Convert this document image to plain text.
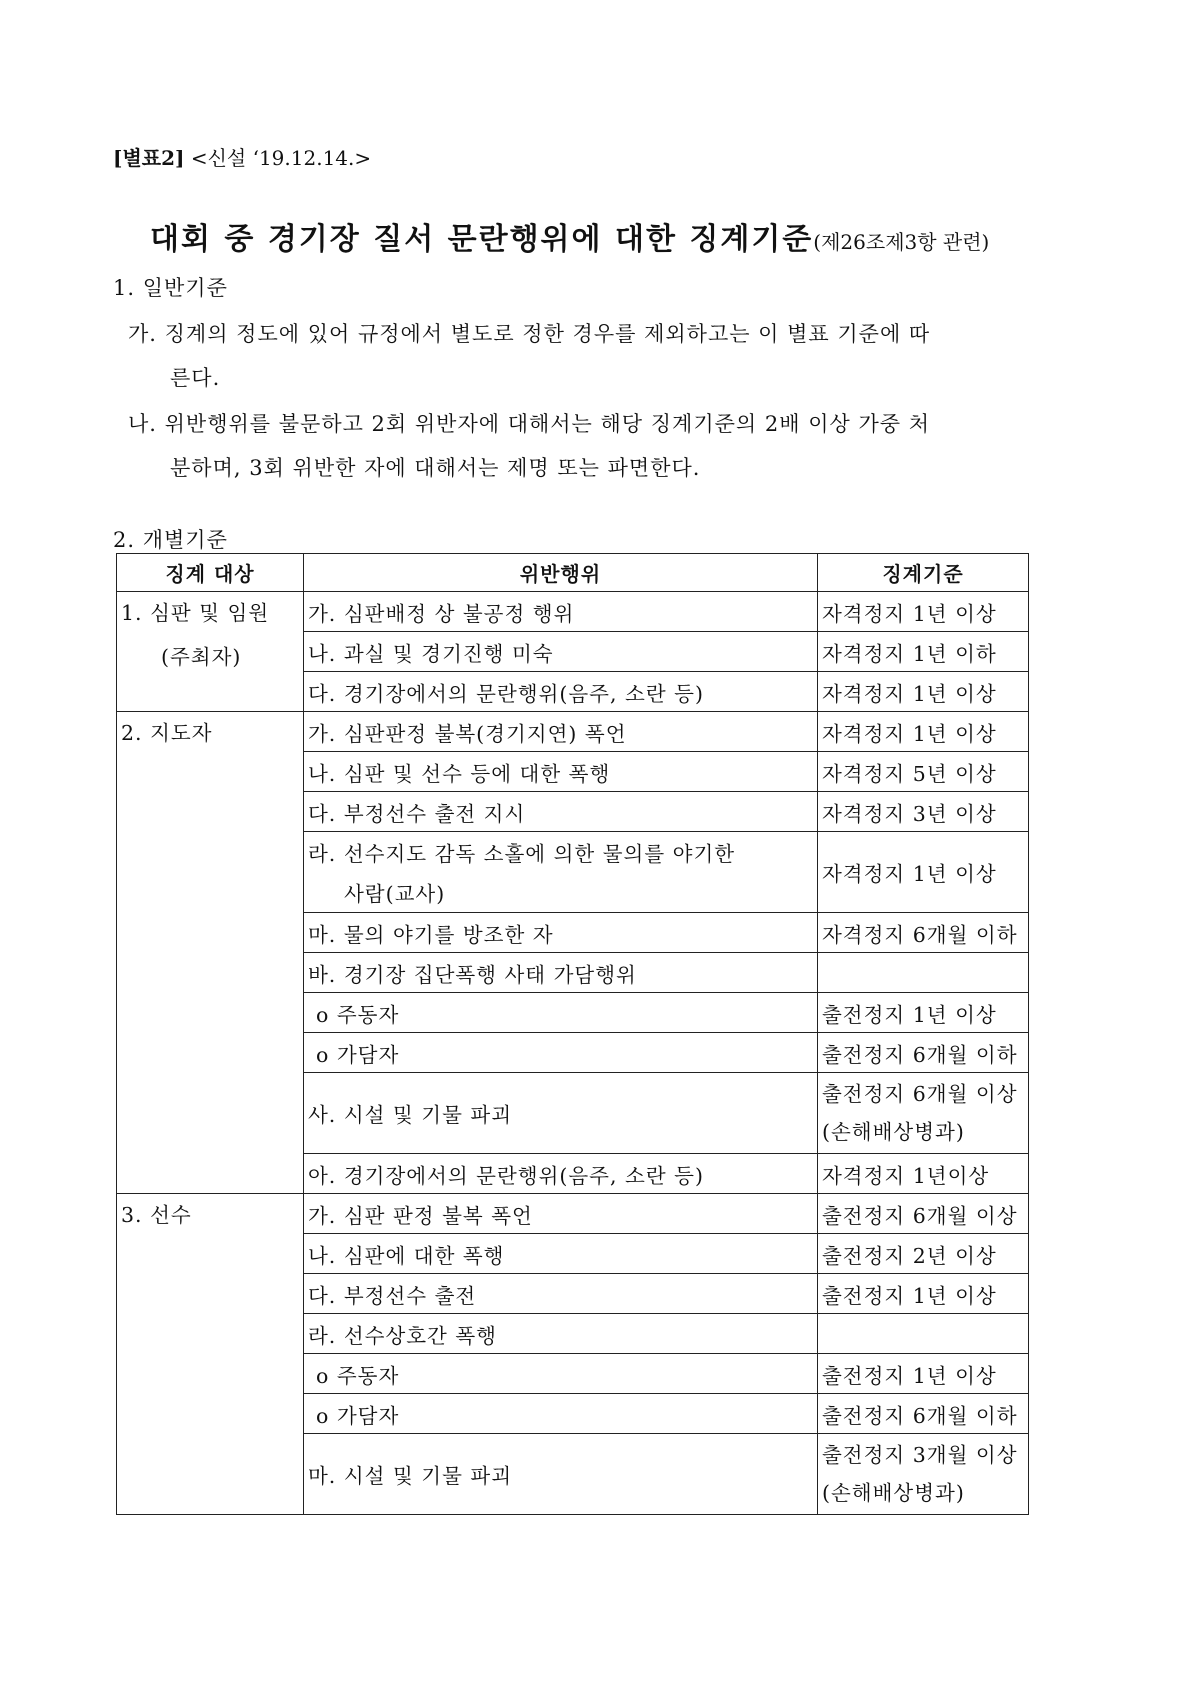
[별표2] <신설 ‘19.12.14.>
대회 중 경기장 질서 문란행위에 대한 징계기준(제26조제3항 관련)
1. 일반기준
가. 징계의 정도에 있어 규정에서 별도로 정한 경우를 제외하고는 이 별표 기준에 따
른다.
나. 위반행위를 불문하고 2회 위반자에 대해서는 해당 징계기준의 2배 이상 가중 처
분하며, 3회 위반한 자에 대해서는 제명 또는 파면한다.
2. 개별기준
징계 대상	위반행위	징계기준
1. 심판 및 임원
(주최자)	가. 심판배정 상 불공정 행위	자격정지 1년 이상
	나. 과실 및 경기진행 미숙	자격정지 1년 이하
	다. 경기장에서의 문란행위(음주, 소란 등)	자격정지 1년 이상
2. 지도자	가. 심판판정 불복(경기지연) 폭언	자격정지 1년 이상
	나. 심판 및 선수 등에 대한 폭행	자격정지 5년 이상
	다. 부정선수 출전 지시	자격정지 3년 이상
	라. 선수지도 감독 소홀에 의한 물의를 야기한
사람(교사)	자격정지 1년 이상
	마. 물의 야기를 방조한 자	자격정지 6개월 이하
	바. 경기장 집단폭행 사태 가담행위	
	o 주동자	출전정지 1년 이상
	o 가담자	출전정지 6개월 이하
	사. 시설 및 기물 파괴	출전정지 6개월 이상
(손해배상병과)
	아. 경기장에서의 문란행위(음주, 소란 등)	자격정지 1년이상
3. 선수	가. 심판 판정 불복 폭언	출전정지 6개월 이상
	나. 심판에 대한 폭행	출전정지 2년 이상
	다. 부정선수 출전	출전정지 1년 이상
	라. 선수상호간 폭행	
	o 주동자	출전정지 1년 이상
	o 가담자	출전정지 6개월 이하
	마. 시설 및 기물 파괴	출전정지 3개월 이상
(손해배상병과)
